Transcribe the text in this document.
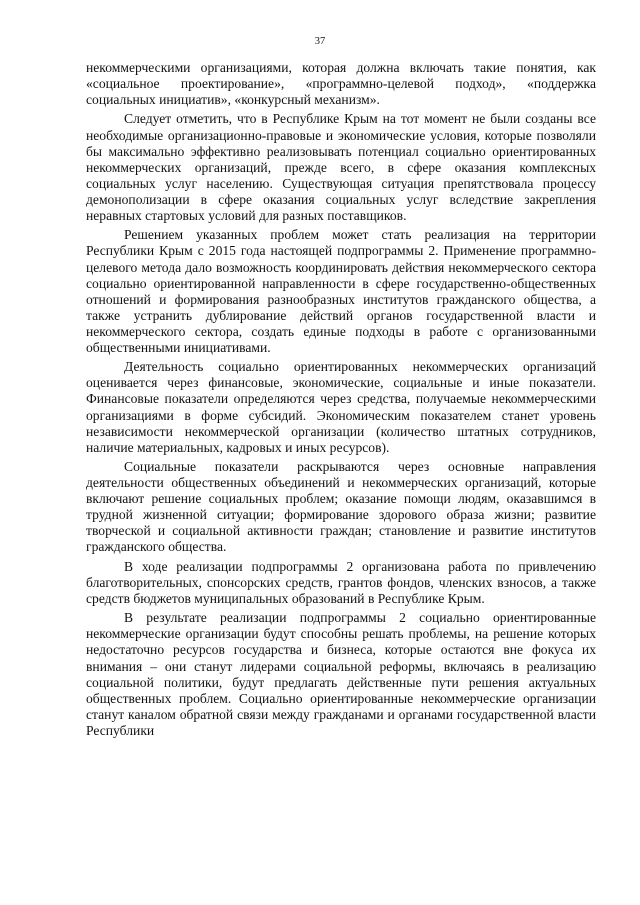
37

некоммерческими организациями, которая должна включать такие понятия, как «социальное проектирование», «программно-целевой подход», «поддержка социальных инициатив», «конкурсный механизм».

Следует отметить, что в Республике Крым на тот момент не были созданы все необходимые организационно-правовые и экономические условия, которые позволяли бы максимально эффективно реализовывать потенциал социально ориентированных некоммерческих организаций, прежде всего, в сфере оказания комплексных социальных услуг населению. Существующая ситуация препятствовала процессу демонополизации в сфере оказания социальных услуг вследствие закрепления неравных стартовых условий для разных поставщиков.

Решением указанных проблем может стать реализация на территории Республики Крым с 2015 года настоящей подпрограммы 2. Применение программно-целевого метода дало возможность координировать действия некоммерческого сектора социально ориентированной направленности в сфере государственно-общественных отношений и формирования разнообразных институтов гражданского общества, а также устранить дублирование действий органов государственной власти и некоммерческого сектора, создать единые подходы в работе с организованными общественными инициативами.

Деятельность социально ориентированных некоммерческих организаций оценивается через финансовые, экономические, социальные и иные показатели. Финансовые показатели определяются через средства, получаемые некоммерческими организациями в форме субсидий. Экономическим показателем станет уровень независимости некоммерческой организации (количество штатных сотрудников, наличие материальных, кадровых и иных ресурсов).

Социальные показатели раскрываются через основные направления деятельности общественных объединений и некоммерческих организаций, которые включают решение социальных проблем; оказание помощи людям, оказавшимся в трудной жизненной ситуации; формирование здорового образа жизни; развитие творческой и социальной активности граждан; становление и развитие институтов гражданского общества.

В ходе реализации подпрограммы 2 организована работа по привлечению благотворительных, спонсорских средств, грантов фондов, членских взносов, а также средств бюджетов муниципальных образований в Республике Крым.

В результате реализации подпрограммы 2 социально ориентированные некоммерческие организации будут способны решать проблемы, на решение которых недостаточно ресурсов государства и бизнеса, которые остаются вне фокуса их внимания – они станут лидерами социальной реформы, включаясь в реализацию социальной политики, будут предлагать действенные пути решения актуальных общественных проблем. Социально ориентированные некоммерческие организации станут каналом обратной связи между гражданами и органами государственной власти Республики
